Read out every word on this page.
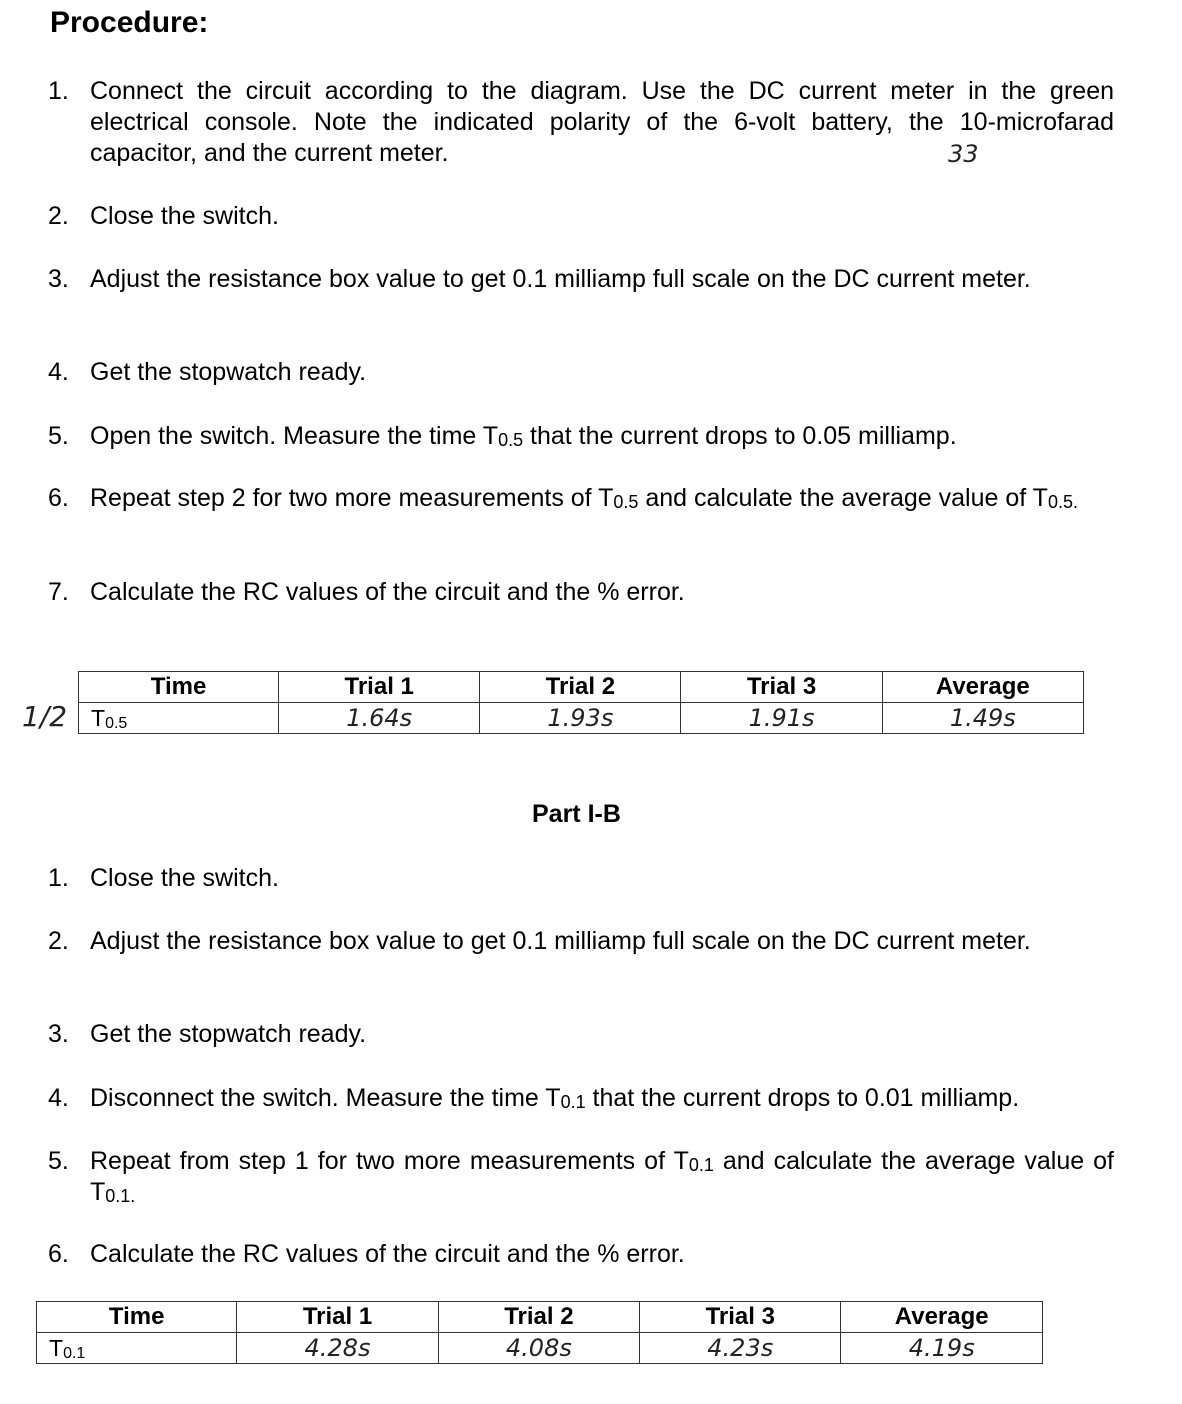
Procedure:
1. Connect the circuit according to the diagram. Use the DC current meter in the green
electrical console. Note the indicated polarity of the 6-volt battery, the 10-microfarad
capacitor, and the current meter.	33
2. Close the switch.
3. Adjust the resistance box value to get 0.1 milliamp full scale on the DC current meter.
4. Get the stopwatch ready.
5. Open the switch. Measure the time $T_{0.5}$ that the current drops to 0.05 milliamp.
6. Repeat step 2 for two more measurements of $T_{0.5}$ and calculate the average value of $T_{0.5.}$
7. Calculate the RC values of the circuit and the % error.
1/2
Time	Trial 1	Trial 2	Trial 3	Average
$T_{0.5}$	1.64s	1.93s	1.91s	1.49s
Part I-B
1. Close the switch.
2. Adjust the resistance box value to get 0.1 milliamp full scale on the DC current meter.
3. Get the stopwatch ready.
4. Disconnect the switch. Measure the time $T_{0.1}$ that the current drops to 0.01 milliamp.
5. Repeat from step 1 for two more measurements of $T_{0.1}$ and calculate the average value of $T_{0.1.}$
6. Calculate the RC values of the circuit and the % error.
Time	Trial 1	Trial 2	Trial 3	Average
$T_{0.1}$	4.28s	4.08s	4.23s	4.19s
